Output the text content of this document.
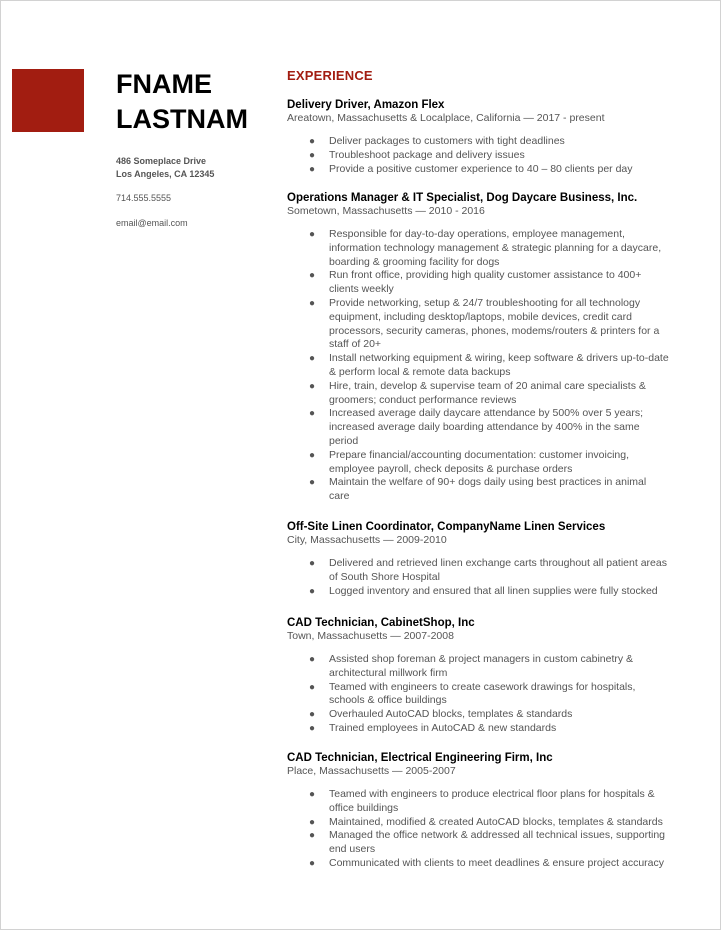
FNAME
LASTNAM
486 Someplace Drive
Los Angeles, CA 12345
714.555.5555
email@email.com
EXPERIENCE
Delivery Driver, Amazon Flex
Areatown, Massachusetts & Localplace, California — 2017 - present
● Deliver packages to customers with tight deadlines
● Troubleshoot package and delivery issues
● Provide a positive customer experience to 40 – 80 clients per day
Operations Manager & IT Specialist, Dog Daycare Business, Inc.
Sometown, Massachusetts — 2010 - 2016
● Responsible for day-to-day operations, employee management, information technology management & strategic planning for a daycare, boarding & grooming facility for dogs
● Run front office, providing high quality customer assistance to 400+ clients weekly
● Provide networking, setup & 24/7 troubleshooting for all technology equipment, including desktop/laptops, mobile devices, credit card processors, security cameras, phones, modems/routers & printers for a staff of 20+
● Install networking equipment & wiring, keep software & drivers up-to-date & perform local & remote data backups
● Hire, train, develop & supervise team of 20 animal care specialists & groomers; conduct performance reviews
● Increased average daily daycare attendance by 500% over 5 years; increased average daily boarding attendance by 400% in the same period
● Prepare financial/accounting documentation: customer invoicing, employee payroll, check deposits & purchase orders
● Maintain the welfare of 90+ dogs daily using best practices in animal care
Off-Site Linen Coordinator, CompanyName Linen Services
City, Massachusetts — 2009-2010
● Delivered and retrieved linen exchange carts throughout all patient areas of South Shore Hospital
● Logged inventory and ensured that all linen supplies were fully stocked
CAD Technician, CabinetShop, Inc
Town, Massachusetts — 2007-2008
● Assisted shop foreman & project managers in custom cabinetry & architectural millwork firm
● Teamed with engineers to create casework drawings for hospitals, schools & office buildings
● Overhauled AutoCAD blocks, templates & standards
● Trained employees in AutoCAD & new standards
CAD Technician, Electrical Engineering Firm, Inc
Place, Massachusetts — 2005-2007
● Teamed with engineers to produce electrical floor plans for hospitals & office buildings
● Maintained, modified & created AutoCAD blocks, templates & standards
● Managed the office network & addressed all technical issues, supporting end users
● Communicated with clients to meet deadlines & ensure project accuracy
